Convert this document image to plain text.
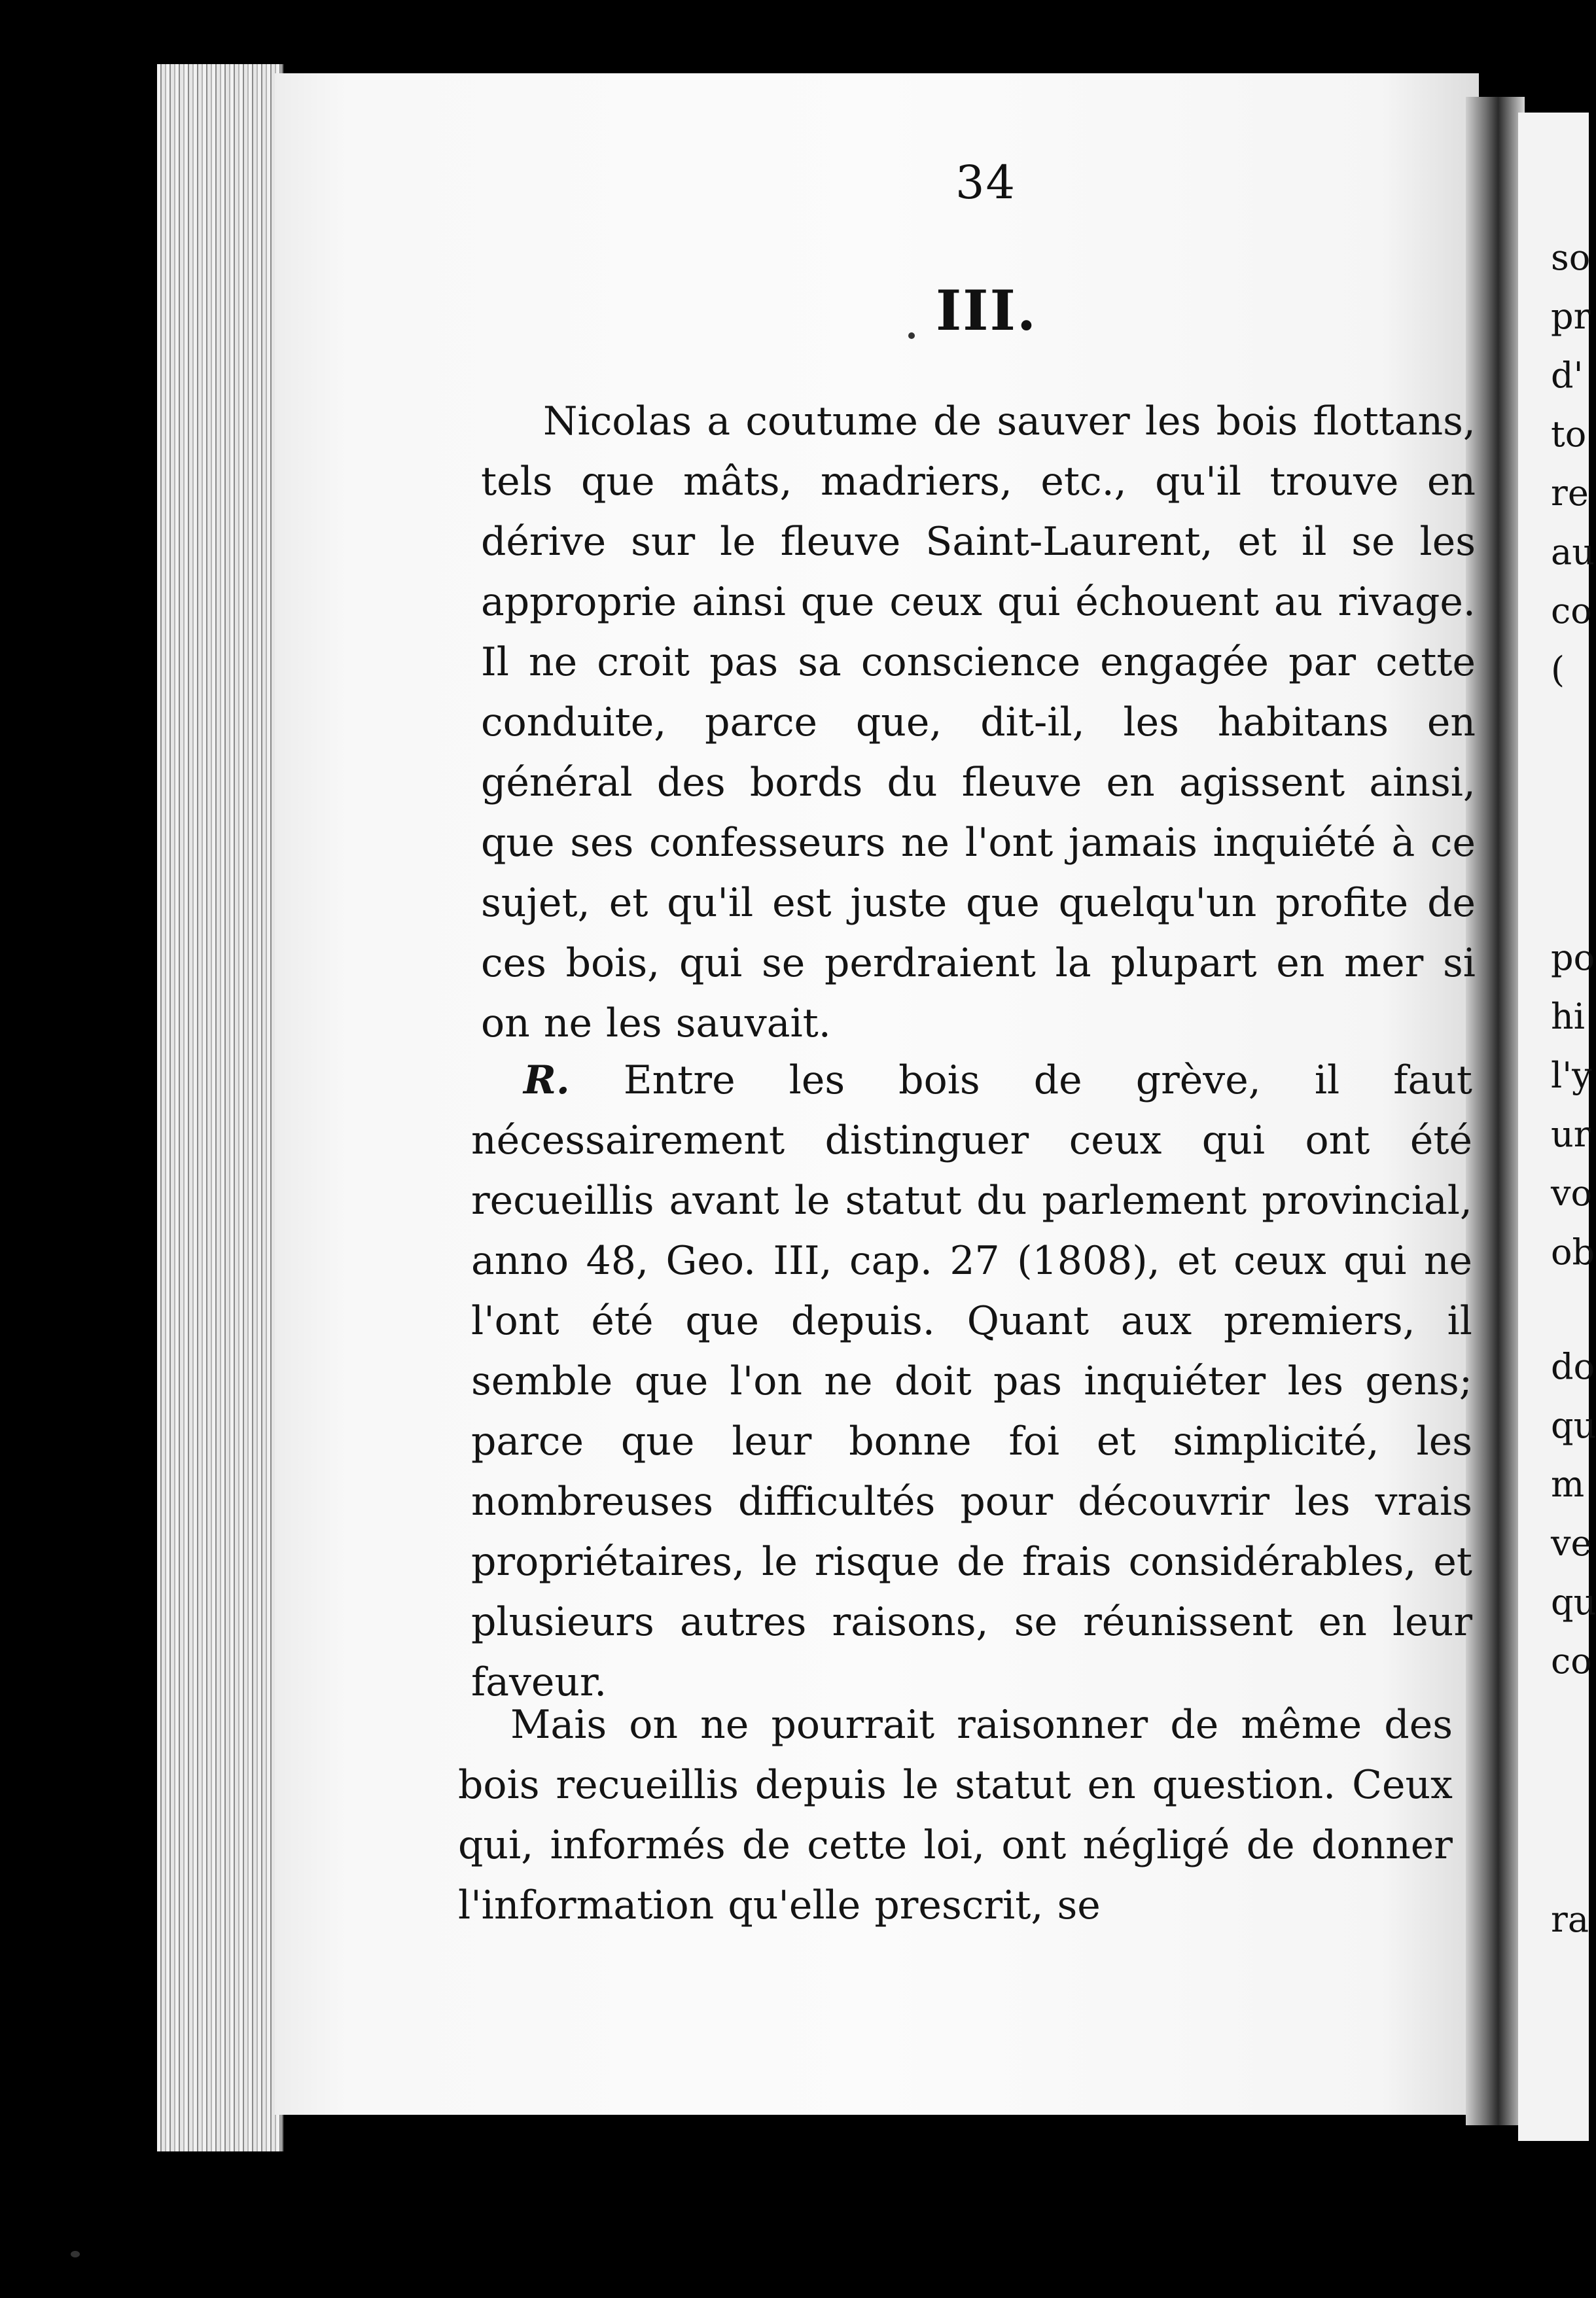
so
pr
d'
to
re
au
co
(
po
hi
l'y
ur
vo
ob
do
qu
m
ve
qu
co
ra
34
III.

Nicolas a coutume de sauver les bois flottans, tels que mâts, madriers, etc., qu'il trouve en dérive sur le fleuve Saint-Laurent, et il se les approprie ainsi que ceux qui échouent au rivage. Il ne croit pas sa conscience engagée par cette conduite, parce que, dit-il, les habitans en général des bords du fleuve en agissent ainsi, que ses confesseurs ne l'ont jamais inquiété à ce sujet, et qu'il est juste que quelqu'un profite de ces bois, qui se perdraient la plupart en mer si on ne les sauvait.

R. Entre les bois de grève, il faut nécessairement distinguer ceux qui ont été recueillis avant le statut du parlement provincial, anno 48, Geo. III, cap. 27 (1808), et ceux qui ne l'ont été que depuis. Quant aux premiers, il semble que l'on ne doit pas inquiéter les gens; parce que leur bonne foi et simplicité, les nombreuses difficultés pour découvrir les vrais propriétaires, le risque de frais considérables, et plusieurs autres raisons, se réunissent en leur faveur.

Mais on ne pourrait raisonner de même des bois recueillis depuis le statut en question. Ceux qui, informés de cette loi, ont négligé de donner l'information qu'elle prescrit, se
